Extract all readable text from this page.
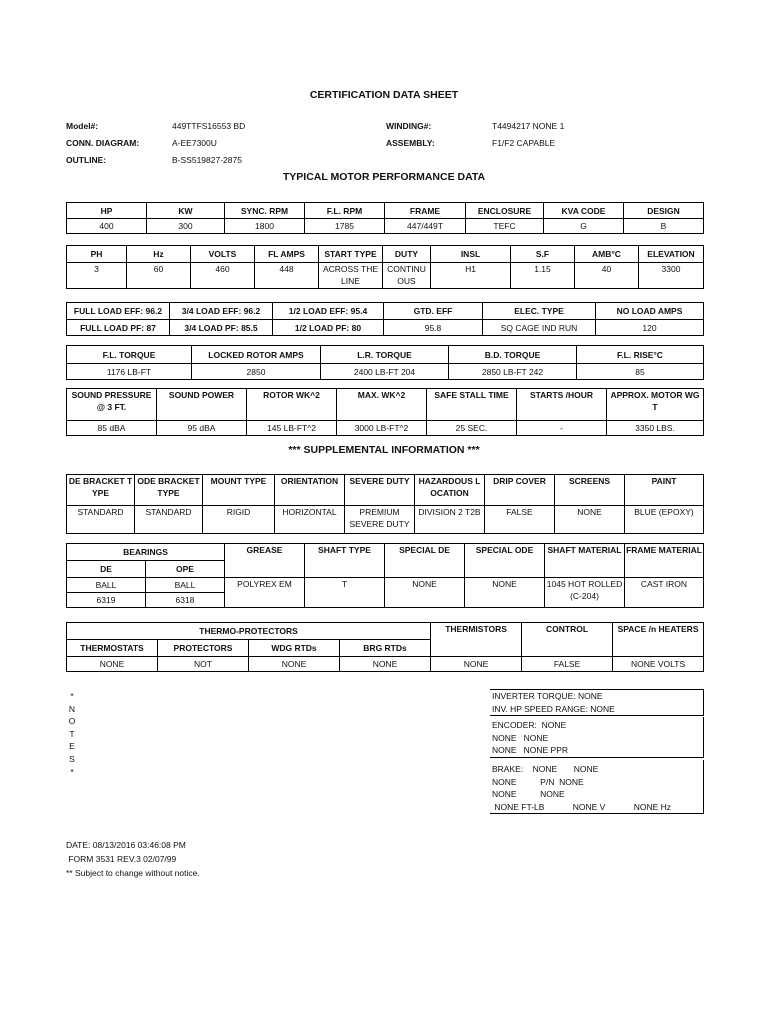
CERTIFICATION DATA SHEET
Model#:	449TTFS16553 BD
CONN. DIAGRAM:	A-EE7300U
OUTLINE:	B-SS519827-2875
WINDING#:	T4494217 NONE 1
ASSEMBLY:	F1/F2 CAPABLE
TYPICAL MOTOR PERFORMANCE DATA
HP	KW	SYNC. RPM	F.L. RPM	FRAME	ENCLOSURE	KVA CODE	DESIGN
400	300	1800	1785	447/449T	TEFC	G	B
PH	Hz	VOLTS	FL AMPS	START TYPE	DUTY	INSL	S.F	AMB°C	ELEVATION
3	60	460	448	ACROSS THE LINE	CONTINUOUS	H1	1.15	40	3300
FULL LOAD EFF: 96.2	3/4 LOAD EFF: 96.2	1/2 LOAD EFF: 95.4	GTD. EFF	ELEC. TYPE	NO LOAD AMPS
FULL LOAD PF: 87	3/4 LOAD PF: 85.5	1/2 LOAD PF: 80	95.8	SQ CAGE IND RUN	120
F.L. TORQUE	LOCKED ROTOR AMPS	L.R. TORQUE	B.D. TORQUE	F.L. RISE°C
1176 LB-FT	2850	2400 LB-FT 204	2850 LB-FT 242	85
SOUND PRESSURE @ 3 FT.	SOUND POWER	ROTOR WK^2	MAX. WK^2	SAFE STALL TIME	STARTS /HOUR	APPROX. MOTOR WGT
85 dBA	95 dBA	145 LB-FT^2	3000 LB-FT^2	25 SEC.	-	3350 LBS.
*** SUPPLEMENTAL INFORMATION ***
DE BRACKET TYPE	ODE BRACKET TYPE	MOUNT TYPE	ORIENTATION	SEVERE DUTY	HAZARDOUS LOCATION	DRIP COVER	SCREENS	PAINT
STANDARD	STANDARD	RIGID	HORIZONTAL	PREMIUM SEVERE DUTY	DIVISION 2 T2B	FALSE	NONE	BLUE (EPOXY)
BEARINGS		GREASE	SHAFT TYPE	SPECIAL DE	SPECIAL ODE	SHAFT MATERIAL	FRAME MATERIAL
DE	OPE						
BALL	BALL	POLYREX EM	T	NONE	NONE	1045 HOT ROLLED (C-204)	CAST IRON
6319	6318						
THERMO-PROTECTORS				THERMISTORS	CONTROL	SPACE /n HEATERS
THERMOSTATS	PROTECTORS	WDG RTDs	BRG RTDs			
NONE	NOT	NONE	NONE	NONE	FALSE	NONE VOLTS
*
N
O
T
E
S
*
INVERTER TORQUE: NONE
INV. HP SPEED RANGE: NONE
ENCODER:  NONE
NONE   NONE
NONE   NONE PPR
BRAKE:    NONE       NONE
NONE          P/N  NONE
NONE          NONE
NONE FT-LB            NONE V            NONE Hz
DATE: 08/13/2016 03:46:08 PM
FORM 3531 REV.3 02/07/99
** Subject to change without notice.
